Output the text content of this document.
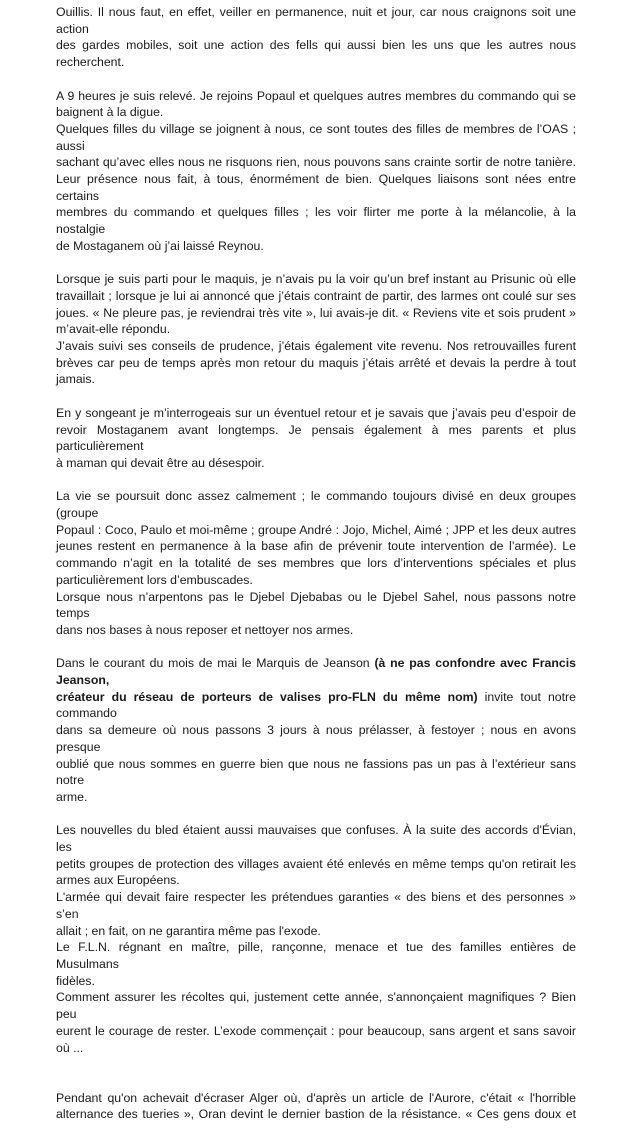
Ouillis. Il nous faut, en effet, veiller en permanence, nuit et jour, car nous craignons soit une action
des gardes mobiles, soit une action des fells qui aussi bien les uns que les autres nous recherchent.
A 9 heures je suis relevé. Je rejoins Popaul et quelques autres membres du commando qui se
baignent à la digue.
Quelques filles du village se joignent à nous, ce sont toutes des filles de membres de l’OAS ; aussi
sachant qu’avec elles nous ne risquons rien, nous pouvons sans crainte sortir de notre tanière.
Leur présence nous fait, à tous, énormément de bien. Quelques liaisons sont nées entre certains
membres du commando et quelques filles ; les voir flirter me porte à la mélancolie, à la nostalgie
de Mostaganem où j’ai laissé Reynou.
Lorsque je suis parti pour le maquis, je n’avais pu la voir qu’un bref instant au Prisunic où elle
travaillait ; lorsque je lui ai annoncé que j’étais contraint de partir, des larmes ont coulé sur ses
joues. « Ne pleure pas, je reviendrai très vite », lui avais-je dit. « Reviens vite et sois prudent »
m’avait-elle répondu.
J’avais suivi ses conseils de prudence, j’étais également vite revenu. Nos retrouvailles furent
brèves car peu de temps après mon retour du maquis j’étais arrêté et devais la perdre à tout
jamais.
En y songeant je m’interrogeais sur un éventuel retour et je savais que j’avais peu d’espoir de
revoir Mostaganem avant longtemps. Je pensais également à mes parents et plus particulièrement
à maman qui devait être au désespoir.
La vie se poursuit donc assez calmement ; le commando toujours divisé en deux groupes (groupe
Popaul : Coco, Paulo et moi-même ; groupe André : Jojo, Michel, Aimé ; JPP et les deux autres
jeunes restent en permanence à la base afin de prévenir toute intervention de l’armée). Le
commando n’agit en la totalité de ses membres que lors d’interventions spéciales et plus
particulièrement lors d’embuscades.
Lorsque nous n’arpentons pas le Djebel Djebabas ou le Djebel Sahel, nous passons notre temps
dans nos bases à nous reposer et nettoyer nos armes.
Dans le courant du mois de mai le Marquis de Jeanson (à ne pas confondre avec Francis Jeanson,
créateur du réseau de porteurs de valises pro-FLN du même nom) invite tout notre commando
dans sa demeure où nous passons 3 jours à nous prélasser, à festoyer ; nous en avons presque
oublié que nous sommes en guerre bien que nous ne fassions pas un pas à l’extérieur sans notre
arme.
Les nouvelles du bled étaient aussi mauvaises que confuses. À la suite des accords d'Évian, les
petits groupes de protection des villages avaient été enlevés en même temps qu'on retirait les
armes aux Européens.
L'armée qui devait faire respecter les prétendues garanties « des biens et des personnes » s’en
allait ; en fait, on ne garantira même pas l'exode.
Le F.L.N. régnant en maître, pille, rançonne, menace et tue des familles entières de Musulmans
fidèles.
Comment assurer les récoltes qui, justement cette année, s'annonçaient magnifiques ? Bien peu
eurent le courage de rester. L’exode commençait : pour beaucoup, sans argent et sans savoir où ...
Pendant qu'on achevait d'écraser Alger où, d'après un article de l'Aurore, c'était « l'horrible
alternance des tueries », Oran devint le dernier bastion de la résistance. « Ces gens doux et
